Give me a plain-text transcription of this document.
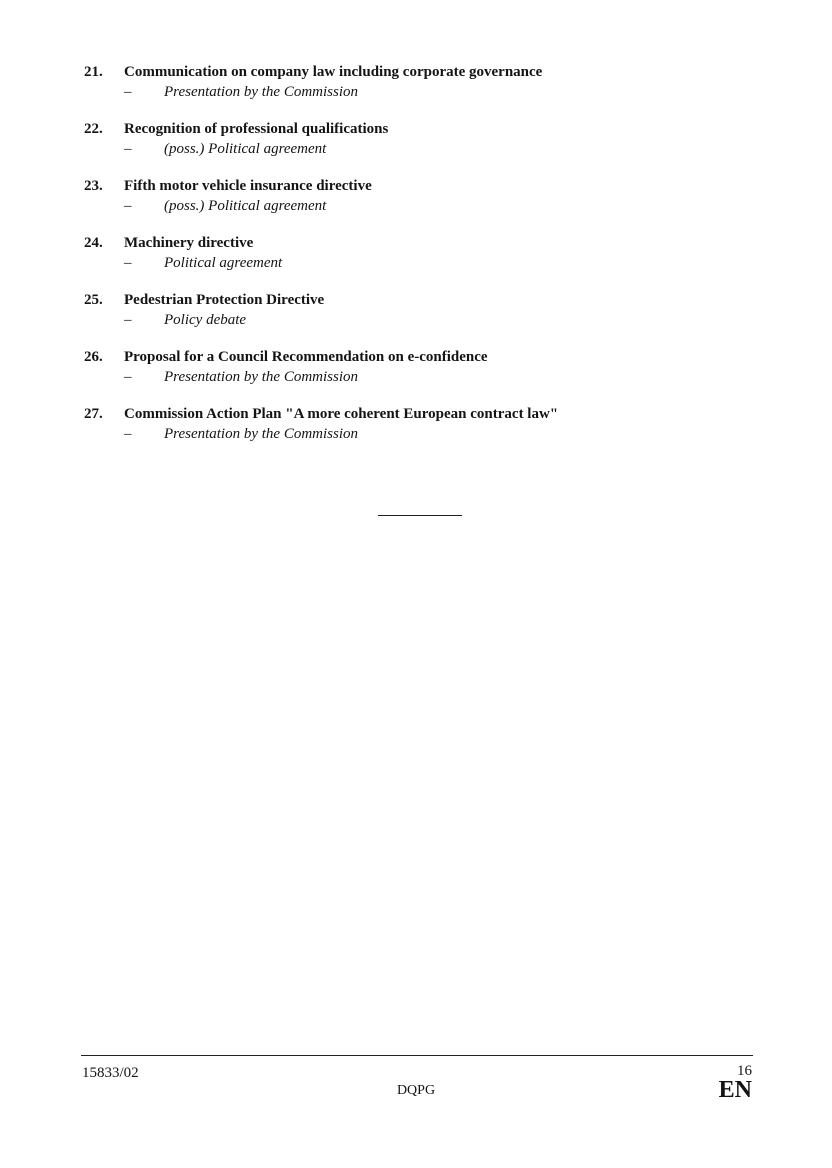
21. Communication on company law including corporate governance
– Presentation by the Commission
22. Recognition of professional qualifications
– (poss.) Political agreement
23. Fifth motor vehicle insurance directive
– (poss.) Political agreement
24. Machinery directive
– Political agreement
25. Pedestrian Protection Directive
– Policy debate
26. Proposal for a Council Recommendation on e-confidence
– Presentation by the Commission
27. Commission Action Plan "A more coherent European contract law"
– Presentation by the Commission
15833/02
DQPG
16
EN
